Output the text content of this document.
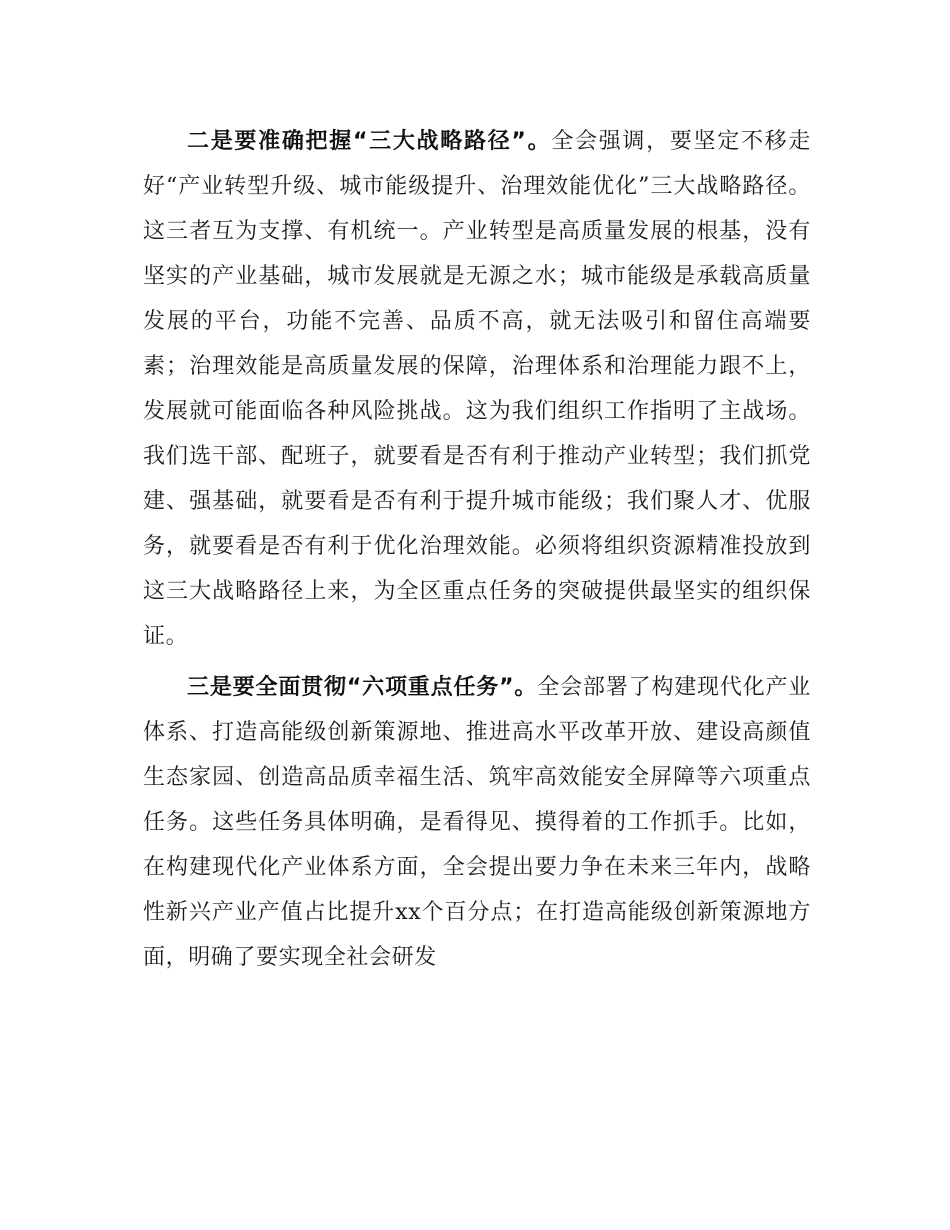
二是要准确把握“三大战略路径”。全会强调，要坚定不移走好“产业转型升级、城市能级提升、治理效能优化”三大战略路径。这三者互为支撑、有机统一。产业转型是高质量发展的根基，没有坚实的产业基础，城市发展就是无源之水；城市能级是承载高质量发展的平台，功能不完善、品质不高，就无法吸引和留住高端要素；治理效能是高质量发展的保障，治理体系和治理能力跟不上，发展就可能面临各种风险挑战。这为我们组织工作指明了主战场。我们选干部、配班子，就要看是否有利于推动产业转型；我们抓党建、强基础，就要看是否有利于提升城市能级；我们聚人才、优服务，就要看是否有利于优化治理效能。必须将组织资源精准投放到这三大战略路径上来，为全区重点任务的突破提供最坚实的组织保证。

三是要全面贯彻“六项重点任务”。全会部署了构建现代化产业体系、打造高能级创新策源地、推进高水平改革开放、建设高颜值生态家园、创造高品质幸福生活、筑牢高效能安全屏障等六项重点任务。这些任务具体明确，是看得见、摸得着的工作抓手。比如，在构建现代化产业体系方面，全会提出要力争在未来三年内，战略性新兴产业产值占比提升xx个百分点；在打造高能级创新策源地方面，明确了要实现全社会研发
